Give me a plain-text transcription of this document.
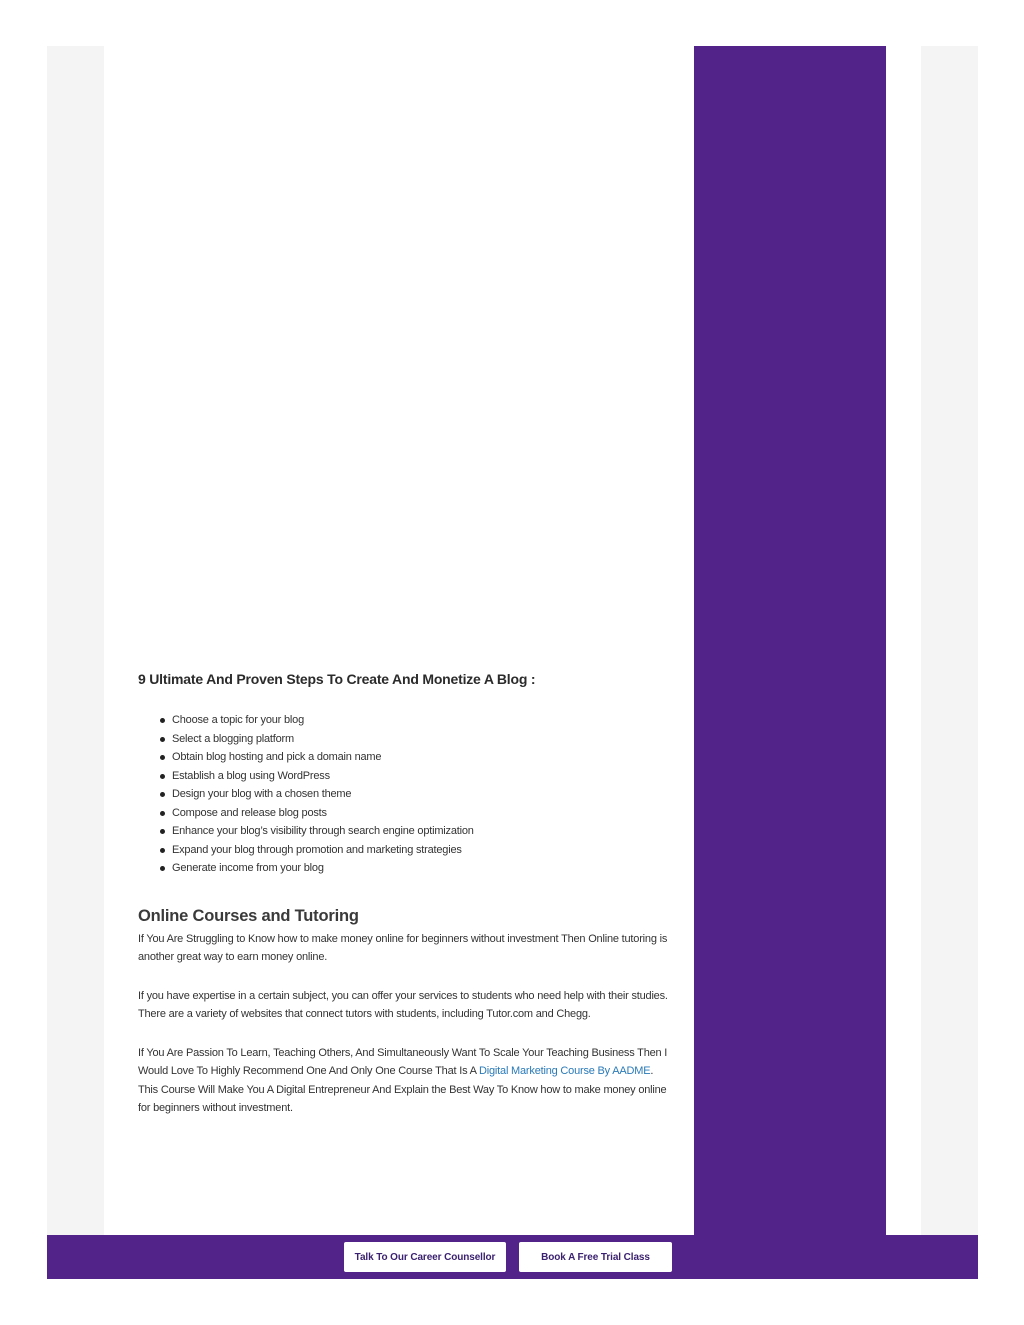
9 Ultimate And Proven Steps To Create And Monetize A Blog :
Choose a topic for your blog
Select a blogging platform
Obtain blog hosting and pick a domain name
Establish a blog using WordPress
Design your blog with a chosen theme
Compose and release blog posts
Enhance your blog’s visibility through search engine optimization
Expand your blog through promotion and marketing strategies
Generate income from your blog
Online Courses and Tutoring

If You Are Struggling to Know how to make money online for beginners without investment Then Online tutoring is another great way to earn money online.

If you have expertise in a certain subject, you can offer your services to students who need help with their studies. There are a variety of websites that connect tutors with students, including Tutor.com and Chegg.

If You Are Passion To Learn, Teaching Others, And Simultaneously Want To Scale Your Teaching Business Then I Would Love To Highly Recommend One And Only One Course That Is A Digital Marketing Course By AADME. This Course Will Make You A Digital Entrepreneur And Explain the Best Way To Know how to make money online for beginners without investment.

Talk To Our Career Counsellor	Book A Free Trial Class
